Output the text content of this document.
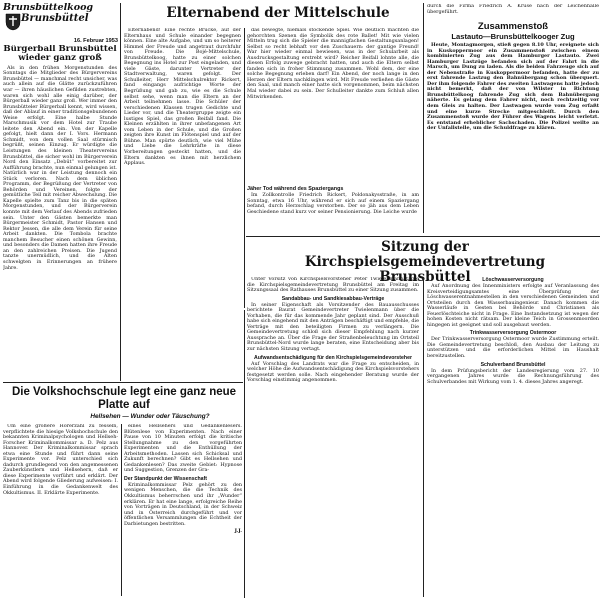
Brunsbüttelkoog
Brunsbüttel
16. Februar 1953
Bürgerball Brunsbüttel wieder ganz groß

Als in den frühen Morgenstunden des Sonntags die Mitglieder des Bürgervereins Brunsbüttel — manchmal recht unsicher, was auch allein auf die Glätte zurückzuführen war — ihren häuslichen Gefilden zustrebten, waren sich wohl alle einig darüber, der Bürgerball wieder ganz groß. Wer immer den Brunsbütteler Bürgerball kennt, wird wissen, daß der Ablauf in einer traditionsgebundenen Weise erfolgt. Eine halbe Stunde Marschmusik vor dem Hotel zur Traube leitete den Abend ein. Von der Kapelle gefolgt, hielt dann der I. Vors. Hermann Schmidt, von dem vollen Saal stürmisch begrüßt, seinen Einzug. Er würdigte die Leistungen des kleinen Theatervereins Brunsbüttel, die sicher wohl im Bürgerverein Nord den Einsatz „Debüt“ vorbereitet zur Aufführung brachte, nun einmal gelungen ist. Natürlich war in der Leistung dennoch ein Stück verloren. Nach dem üblichen Programm, der Begrüßung der Vertreter von Behörden und Vereinen, folgte der gemütliche Teil mit reicher Abwechslung. Die Kapelle spielte zum Tanz bis in die späten Morgenstunden, und der Bürgerverein konnte mit dem Verlauf des Abends zufrieden sein. Unter den Gästen bemerkte man Bürgermeister Schmidt, Pastor Hansen und Rektor Jessen, die alle dem Verein für seine Arbeit dankten. Die Tombola brachte manchem Besucher einen schönen Gewinn, und besonders die Damen hatten ihre Freude an den zahlreichen Preisen. Die Jugend tanzte unermüdlich, und die Alten schwelgten in Erinnerungen an frühere Jahre.

Elternabend der Mittelschule

Elternabend! Eine rechte Brücke, auf der Elternhaus und Schule einander begegnen können. Eine alte Aufgabe, und um so heiterer Himmel der Freude und angetraut durchfuhr von Freude. Die Bojé-Mittelschule, Brunsbüttelkoog, hatte zu einer solchen Begegnung ins Hotel zur Post eingeladen, und viele Gäste, darunter Vertreter der Stadtverwaltung, waren gefolgt. Der Schulleiter, Herr Mittelschulrektor Rickert, fand eingangs aufrichtige Worte der Begrüßung und gab zu, wie es die Schule selbst sehe, wenn man die Eltern an der Arbeit teilnehmen lasse. Die Schüler der verschiedenen Klassen trugen Gedichte und Lieder vor, und die Theatergruppe zeigte ein lustiges Spiel, das großen Beifall fand. Die Kleinen erzählten in ihrer unbefangenen Art vom Leben in der Schule, und die Großen zeigten ihre Kunst im Flötenspiel und auf der Bühne. Man spürte deutlich, wie viel Mühe und Liebe die Lehrkräfte in diese Vorbereitungen gesteckt hatten, und die Eltern dankten es ihnen mit herzlichem Applaus.

das bewegte, niemals stockende Spiel. Wie deutlich machten die gehorchten Szenen die Symbolik des rote Ballet! Mit wie vielen Mitteln trug sich die Spieler die mannigfachen Gestaltungsanlagen! Selbst so recht lebhaft vor den Zuschauern: der gantige Freund! War hier wieder einmal bewiesen, was in der Schularbeit als Ausdrucksgestaltung erstrebt wird? Reicher Beifall lohnte alle, die diesen Erfolg zuwege gebracht hatten, und auch die Eltern selbst fanden sich in froher Stimmung zusammen. Wohl dem, der eine solche Begegnung erleben darf! Ein Abend, der noch lange in den Herzen der Eltern nachklingen wird. Mit Freude verließen die Gäste den Saal, und manch einer hatte sich vorgenommen, beim nächsten Mal wieder dabei zu sein. Der Schulleiter dankte zum Schluß allen Mitwirkenden.

Jäher Tod während des Spaziergangs

Im Zollkontrolle Friedrich Rickert, Poldonakysstraße, in am Sonntag, etwa 16 Uhr, während er sich auf einem Spaziergang befand, durch Herzschlag verstorben. Der so jäh aus dem Leben Geschiedene stand kurz vor seiner Pensionierung. Die Leiche wurde

durch die Firma Friedrich A. Kruse nach der Leichenhalle übergeführt.

Zusammenstoß
Lastauto—Brunsbüttelkooger Zug

Heute, Montagmorgen, stieß gegen 8.10 Uhr, ereignete sich in Kuskoppermoor ein Zusammenstoß zwischen einem kombinierten Zug aus dem Hamburger Lastauto. Zwei Hamburger Lastzüge befanden sich auf der Fahrt in die Marsch, um Dung zu laden. Als die beiden Fahrzeuge sich auf der Nebenstraße in Kuskoppermoor befanden, hatte der zu erst fahrende Lastzug den Bahnübergang schon überquert. Der ihm folgende Fahrer des zweiten Lastwagens hatte jedoch nicht bemerkt, daß der von Wilster in Richtung Brunsbüttelkoog fahrende Zug sich dem Bahnübergang näherte. Es gelang dem Fahrer nicht, noch rechtzeitig vor dem Gleis zu halten. Der Lastwagen wurde vom Zug erfaßt und eine kurze Strecke mitgeschleift. Durch den Zusammenstoß wurde der Führer des Wagens leicht verletzt. Es entstand erheblicher Sachschaden. Die Polizei weilte an der Unfallstelle, um die Schuldfrage zu klären.

Sitzung der Kirchspielsgemeindevertretung Brunsbüttel

Unter Vorsitz von Kirchspielsvorsteher Peter Twielenmann tagte die Kirchspielsgemeindevertretung Brunsbüttel am Freitag im Sitzungssaal des Rathauses Brunsbüttel zu einer Sitzung zusammen.

Sandabbau- und Sandkiesabbau-Verträge

In seiner Eigenschaft als Vorsitzender des Bauausschusses berichtete Baurat Gemeindevertreter Twielenmann über die Vorhaben, die für das kommende Jahr geplant sind. Der Ausschuß habe sich eingehend mit den Anträgen beschäftigt und empfehle, die Verträge mit den beteiligten Firmen zu verlängern. Die Gemeindevertretung schloß sich dieser Empfehlung nach kurzer Aussprache an. Über die Frage der Straßenbeleuchtung im Ortsteil Brunsbüttel-Nord wurde lange beraten, eine Entscheidung aber bis zur nächsten Sitzung vertagt.

Aufwandsentschädigung für den Kirchspielsgemeindevorsteher

Auf Vorschlag des Landrats war die Frage zu entscheiden, in welcher Höhe die Aufwandsentschädigung des Kirchspielsvorstehers festgesetzt werden solle. Nach eingehender Beratung wurde der Vorschlag einstimmig angenommen.

Löschwasserversorgung

Auf Anordnung des Innenministers erfolgte auf Veranlassung des Kreisverteidigungsamtes eine Überprüfung der Löschwasserentnahmestellen in den verschiedenen Gemeinden und Ortsteilen durch den Wasserbauingenieur. Danach kommen die Wasserläufe in Gesten bei Behörde und Christianen als Feuerlöschteiche nicht in Frage. Eine Instandsetzung ist wegen der hohen Kosten nicht rätsam. Der kleine Teich in Grossenmoorden hingegen ist geeignet und soll ausgebaut werden.

Trinkwasserversorgung Ostermoor

Der Trinkwasserversorgung Ostermoor wurde Zustimmung erteilt. Die Gemeindevertretung beschloß, den Ausbau der Leitung zu unterstützen und die erforderlichen Mittel im Haushalt bereitzustellen.

Schulverband Brunsbüttel

In dem Prüfungsbericht der Landesregierung vom 27. 10 vergangenen Jahres wurde die Rechnungsführung des Schulverbandes mit Wirkung vom 1. 4. dieses Jahres angeregt.

Die Volkshochschule legt eine ganz neue Platte auf
Hellsehen — Wunder oder Täuschung?

Um eine größere Hörerzahl zu fesseln, verpflichtete die hiesige Volkshochschule den bekannten Kriminalpsychologen und Hellseh-Forscher Kriminalkommissar a. D. Pelz aus Hannover. Der Kriminalkommissar sprach etwa eine Stunde und führt dann seine Experimente vor. Pelz unterschied sich dadurch grundlegend von den angemessenen Zauberkünstlern und Hellsehern, daß er diese Experimente vorführt und erklärt. Der Abend wird folgende Gliederung aufweisen: I. Einführung in die Gedankenwelt des Okkultismus. II. Erklärte Experimente.

eines Hellsehers und Gedankenlesers. Blütenlese von Experimenten. Nach einer Pause von 10 Minuten erfolgt die kritische Stellungnahme zu den vorgeführten Experimenten und die Enthüllung der Arbeitsmethoden. Lassen sich Schicksal und Zukunft berechnen? Gibt es Hellsehen und Gedankenlesen? Das zweite Gebiet: Hypnose und Suggestion, Grenzen der Gra-

Der Standpunkt der Wissenschaft

Kriminalkommissar Pelz gehört zu den wenigen Menschen, die die Technik des Okkultismus beherrschen und ihr „Wunder“ erklären. Er hat eine lange, erfolgreiche Reihe von Vorträgen in Deutschland, in der Schweiz und in Österreich durchgeführt und vor öffentlichen Versammlungen die Echtheit der Darbietungen bestritten.

J.J.
